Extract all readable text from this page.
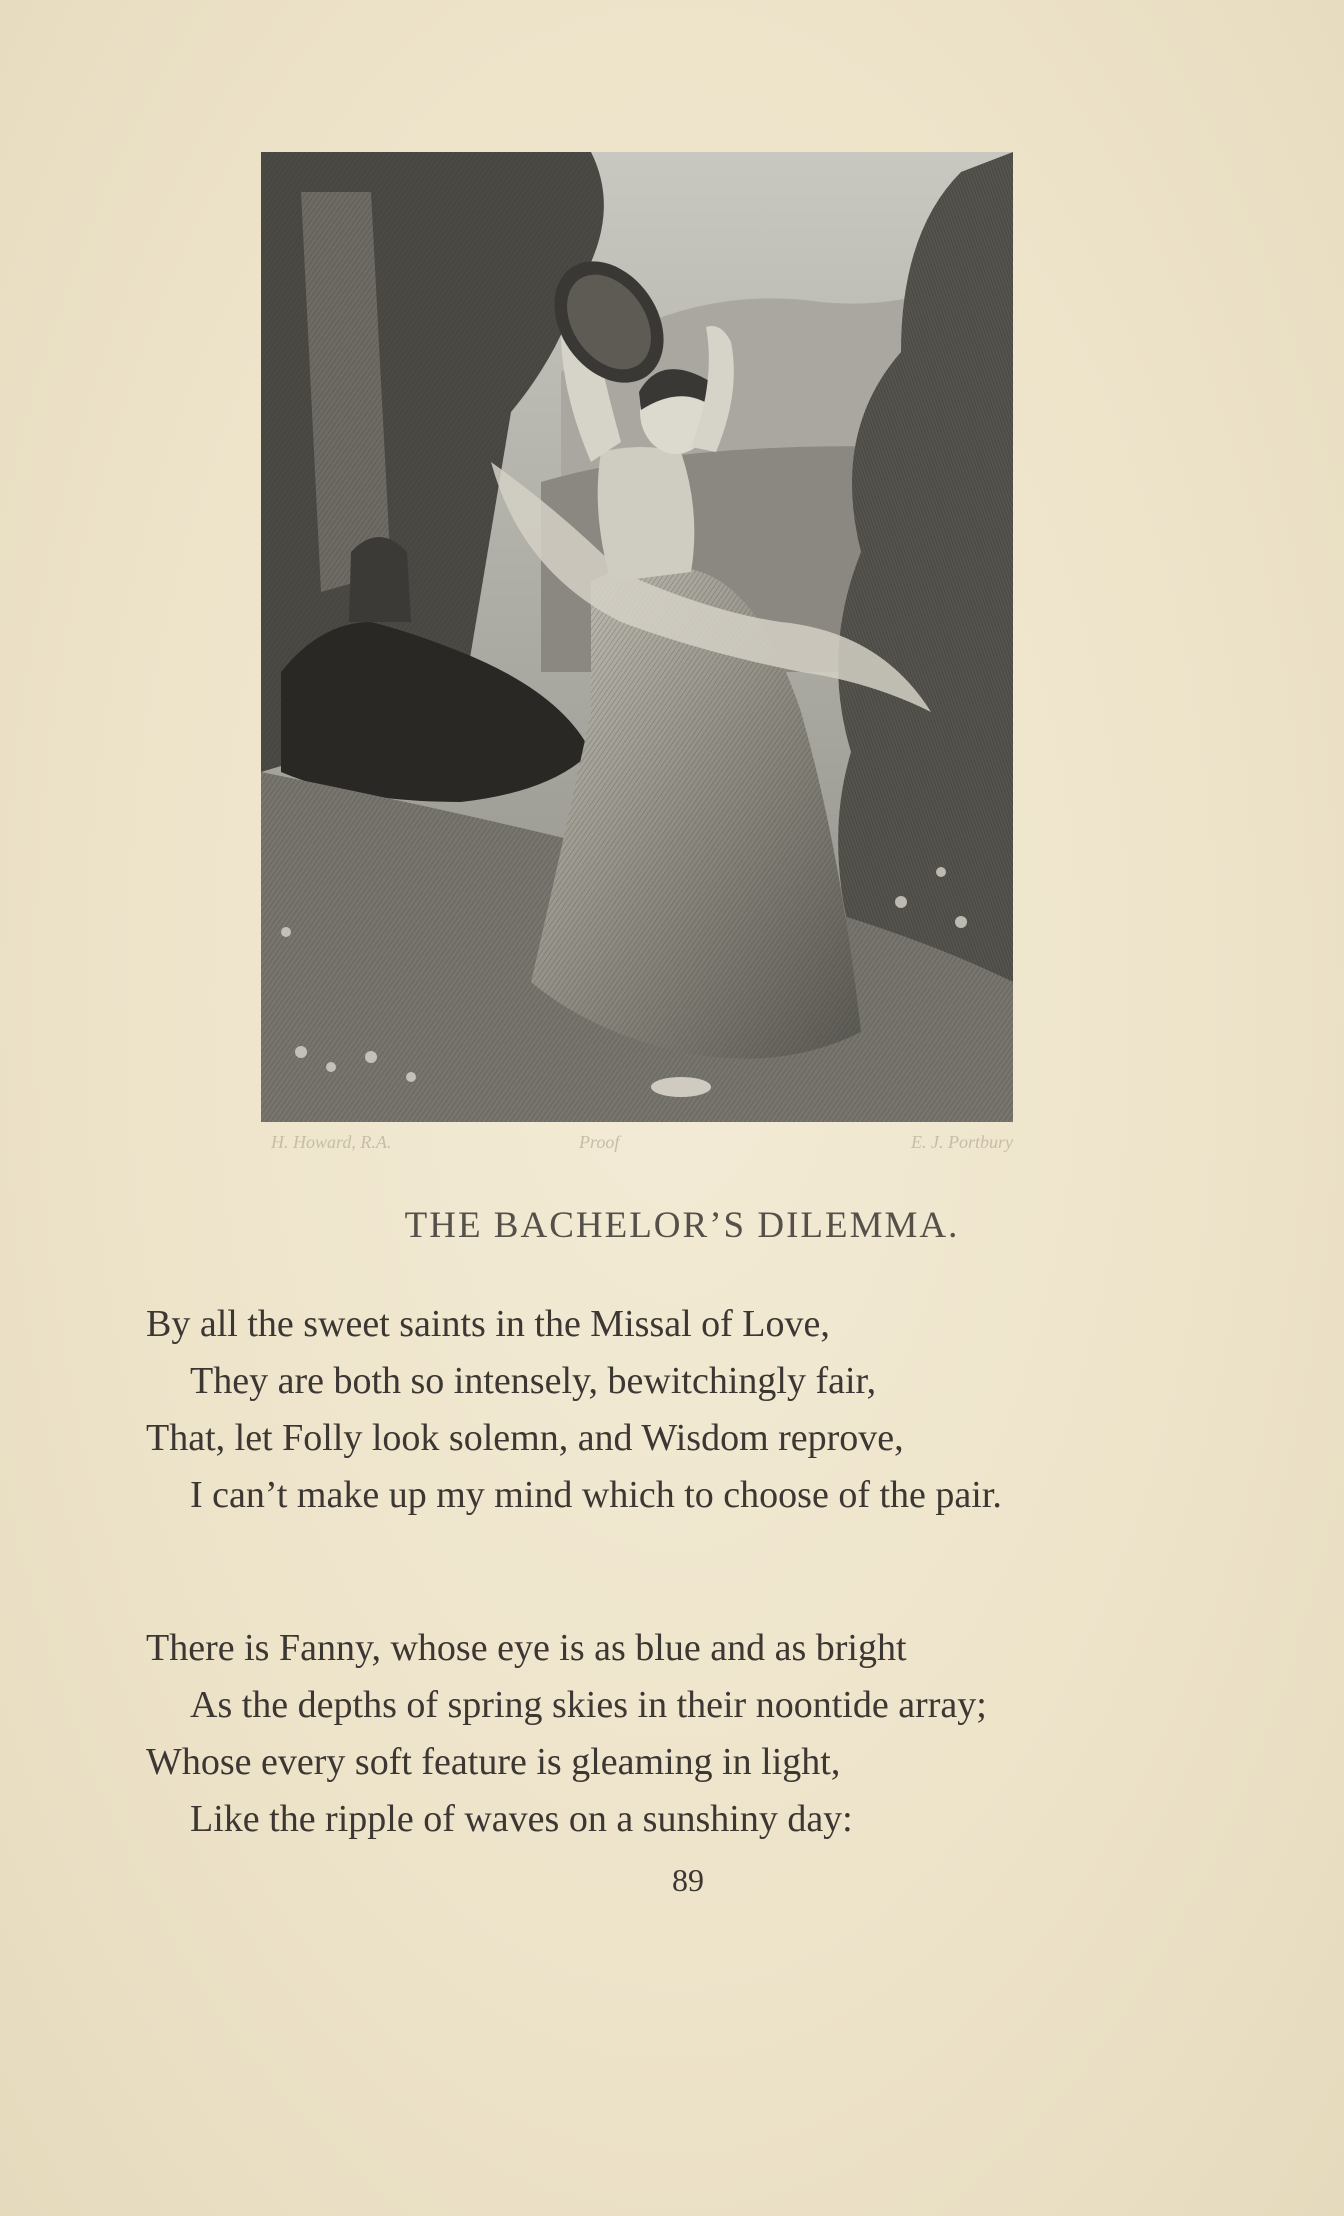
H. Howard, R.A.	Proof	E. J. Portbury
THE BACHELOR’S DILEMMA.
By all the sweet saints in the Missal of Love,
They are both so intensely, bewitchingly fair,
That, let Folly look solemn, and Wisdom reprove,
I can’t make up my mind which to choose of the pair.
There is Fanny, whose eye is as blue and as bright
As the depths of spring skies in their noontide array;
Whose every soft feature is gleaming in light,
Like the ripple of waves on a sunshiny day:
89
